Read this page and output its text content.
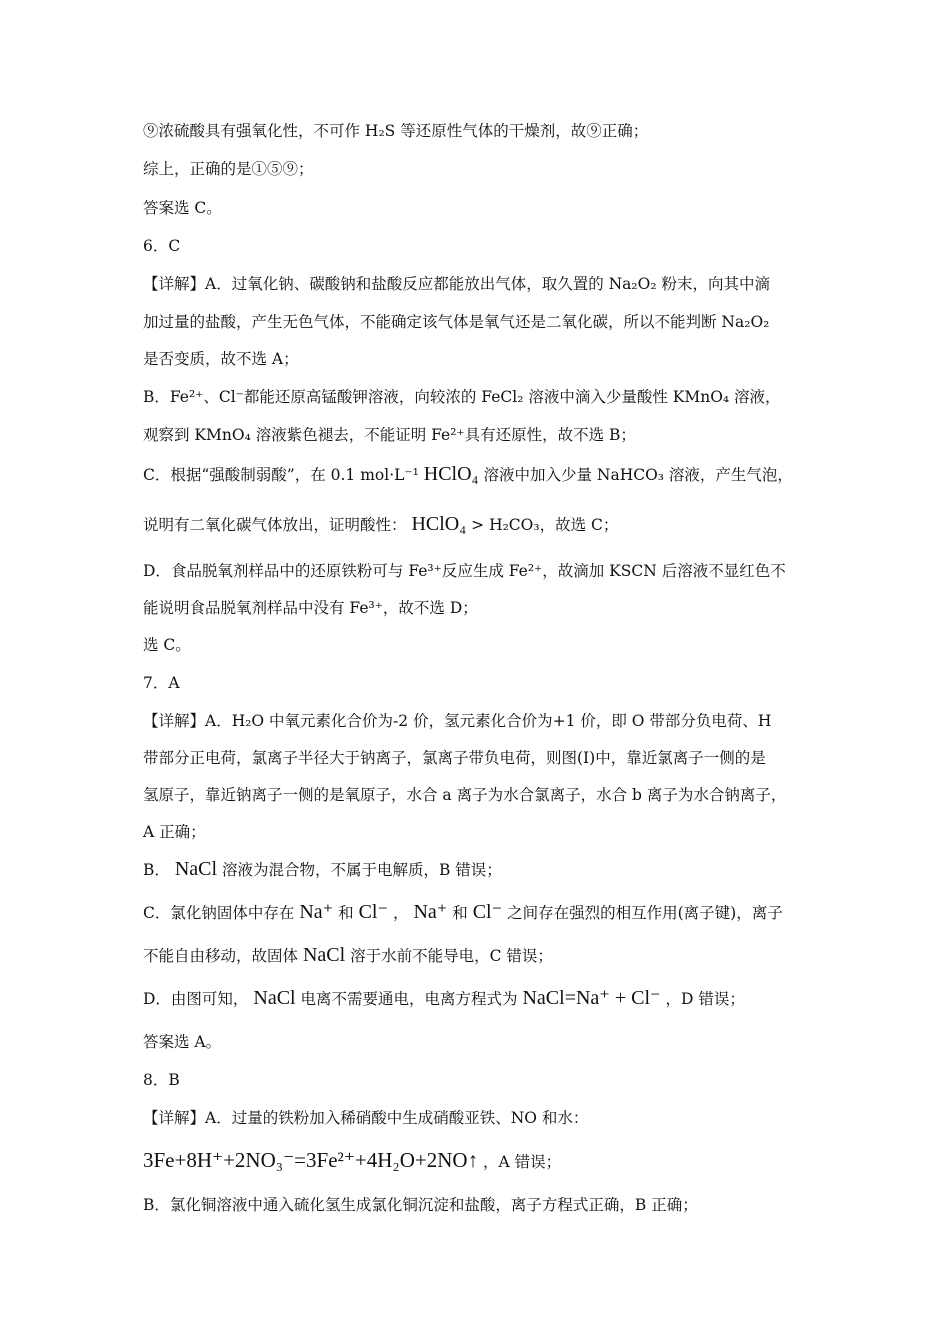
⑨浓硫酸具有强氧化性，不可作 H₂S 等还原性气体的干燥剂，故⑨正确；
综上，正确的是①⑤⑨；
答案选 C。
6．C
【详解】A．过氧化钠、碳酸钠和盐酸反应都能放出气体，取久置的 Na₂O₂ 粉末，向其中滴
加过量的盐酸，产生无色气体，不能确定该气体是氧气还是二氧化碳，所以不能判断 Na₂O₂
是否变质，故不选 A；
B．Fe²⁺、Cl⁻都能还原高锰酸钾溶液，向较浓的 FeCl₂ 溶液中滴入少量酸性 KMnO₄ 溶液，
观察到 KMnO₄ 溶液紫色褪去，不能证明 Fe²⁺具有还原性，故不选 B；
C．根据“强酸制弱酸”，在 0.1 mol·L⁻¹ HClO₄ 溶液中加入少量 NaHCO₃ 溶液，产生气泡，
说明有二氧化碳气体放出，证明酸性： HClO₄ > H₂CO₃，故选 C；
D．食品脱氧剂样品中的还原铁粉可与 Fe³⁺反应生成 Fe²⁺，故滴加 KSCN 后溶液不显红色不
能说明食品脱氧剂样品中没有 Fe³⁺，故不选 D；
选 C。
7．A
【详解】A．H₂O 中氧元素化合价为-2 价，氢元素化合价为+1 价，即 O 带部分负电荷、H
带部分正电荷，氯离子半径大于钠离子，氯离子带负电荷，则图(I)中，靠近氯离子一侧的是
氢原子，靠近钠离子一侧的是氧原子，水合 a 离子为水合氯离子，水合 b 离子为水合钠离子，
A 正确；
B． NaCl 溶液为混合物，不属于电解质，B 错误；
C．氯化钠固体中存在 Na⁺ 和 Cl⁻ ， Na⁺ 和 Cl⁻ 之间存在强烈的相互作用(离子键)，离子
不能自由移动，故固体 NaCl 溶于水前不能导电，C 错误；
D．由图可知， NaCl 电离不需要通电，电离方程式为 NaCl=Na⁺ + Cl⁻ ，D 错误；
答案选 A。
8．B
【详解】A．过量的铁粉加入稀硝酸中生成硝酸亚铁、NO 和水：
3Fe+8H⁺+2NO₃⁻=3Fe²⁺+4H₂O+2NO↑ ，A 错误；
B．氯化铜溶液中通入硫化氢生成氯化铜沉淀和盐酸，离子方程式正确，B 正确；
